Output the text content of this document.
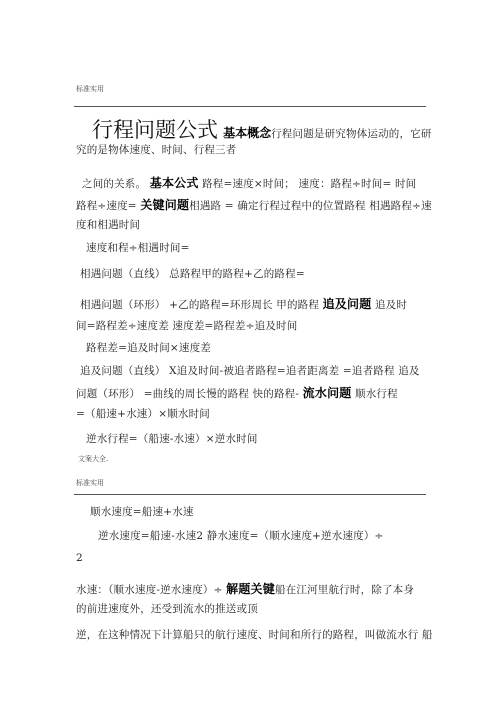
标准实用
行程问题公式 基本概念行程问题是研究物体运动的，它研
究的是物体速度、时间、行程三者
之间的关系。 基本公式 路程=速度×时间； 速度：路程÷时间= 时间
路程÷速度= 关键问题相遇路 = 确定行程过程中的位置路程 相遇路程÷速
度和相遇时间
速度和程÷相遇时间=
相遇问题（直线） 总路程甲的路程+乙的路程=
相遇问题（环形） +乙的路程=环形周长 甲的路程 追及问题 追及时
间=路程差÷速度差 速度差=路程差÷追及时间
路程差=追及时间×速度差
追及问题（直线） X追及时间-被追者路程=追者距离差 =追者路程 追及
问题（环形） =曲线的周长慢的路程 快的路程- 流水问题 顺水行程
=（船速+水速）×顺水时间
逆水行程=（船速-水速）×逆水时间
文案大全.
标准实用
顺水速度=船速+水速
逆水速度=船速-水速2 静水速度=（顺水速度+逆水速度）÷
2
水速：（顺水速度-逆水速度）÷ 解题关键船在江河里航行时，除了本身
的前进速度外，还受到流水的推送或顶
逆，在这种情况下计算船只的航行速度、时间和所行的路程，叫做流水行 船
